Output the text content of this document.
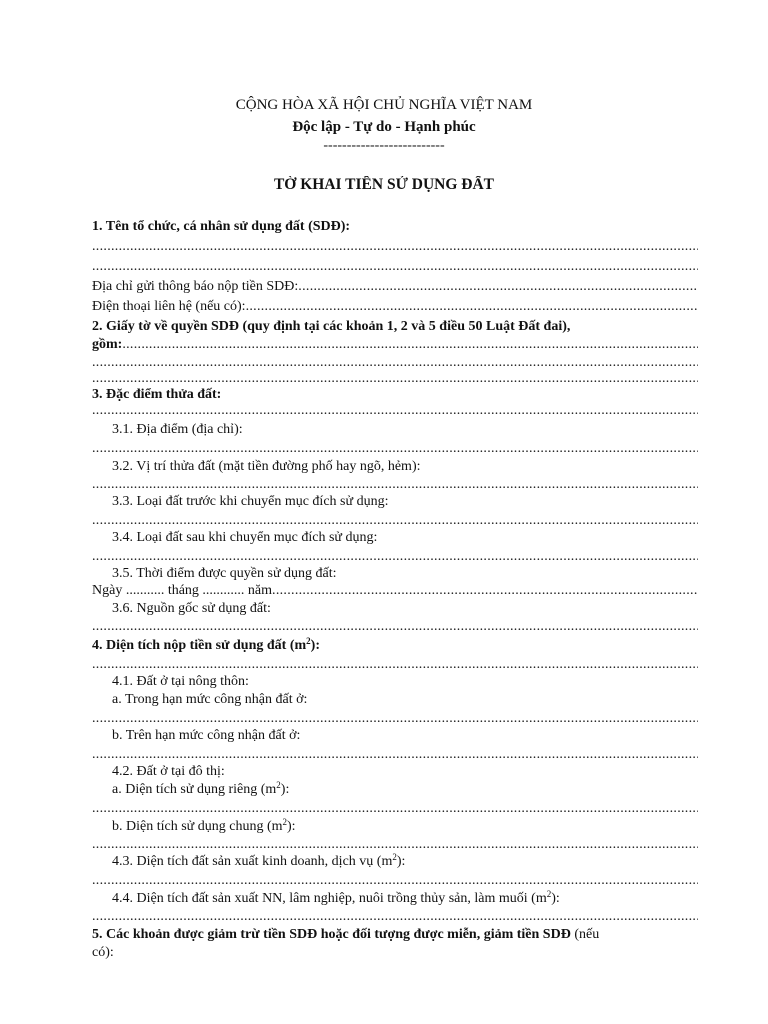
CỘNG HÒA XÃ HỘI CHỦ NGHĨA VIỆT NAM
Độc lập - Tự do - Hạnh phúc
--------------------------
TỜ KHAI TIỀN SỬ DỤNG ĐẤT
1. Tên tổ chức, cá nhân sử dụng đất (SDĐ):
.....
.....
Địa chỉ gửi thông báo nộp tiền SDĐ: .....
Điện thoại liên hệ (nếu có): .....
2. Giấy tờ về quyền SDĐ (quy định tại các khoản 1, 2 và 5 điều 50 Luật Đất đai),
gồm: .....
.....
.....
3. Đặc điểm thửa đất:
.....
3.1. Địa điểm (địa chỉ):
.....
3.2. Vị trí thửa đất (mặt tiền đường phố hay ngõ, hẻm):
.....
3.3. Loại đất trước khi chuyển mục đích sử dụng:
.....
3.4. Loại đất sau khi chuyển mục đích sử dụng:
.....
3.5. Thời điểm được quyền sử dụng đất:
Ngày ........... tháng ............ năm .....
3.6. Nguồn gốc sử dụng đất:
.....
4. Diện tích nộp tiền sử dụng đất $(m^2)$:
.....
4.1. Đất ở tại nông thôn:
a. Trong hạn mức công nhận đất ở:
.....
b. Trên hạn mức công nhận đất ở:
.....
4.2. Đất ở tại đô thị:
a. Diện tích sử dụng riêng $(m^2)$:
.....
b. Diện tích sử dụng chung $(m^2)$:
.....
4.3. Diện tích đất sản xuất kinh doanh, dịch vụ $(m^2)$:
.....
4.4. Diện tích đất sản xuất NN, lâm nghiệp, nuôi trồng thủy sản, làm muối $(m^2)$:
.....
5. Các khoản được giảm trừ tiền SDĐ hoặc đối tượng được miễn, giảm tiền SDĐ (nếu
có):
